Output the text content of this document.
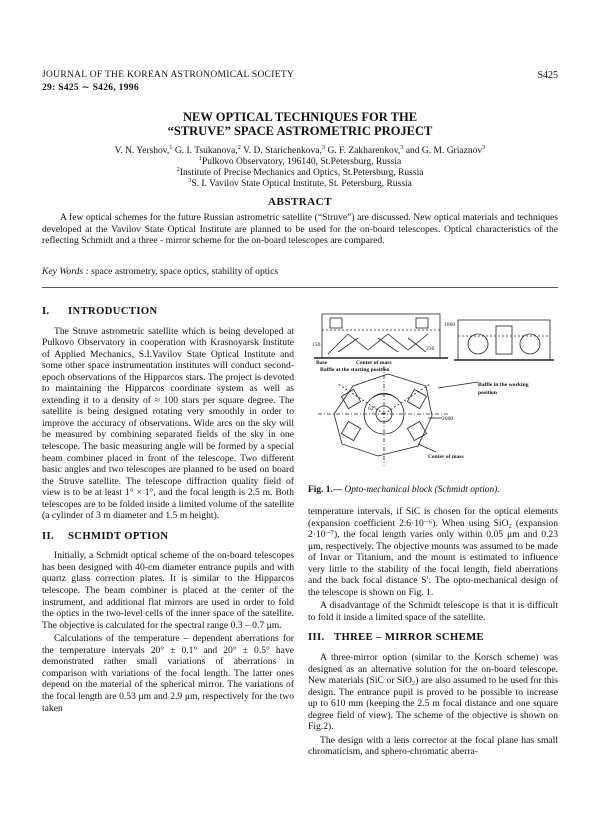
JOURNAL OF THE KOREAN ASTRONOMICAL SOCIETY
29: S425 ∼ S426, 1996
S425
NEW OPTICAL TECHNIQUES FOR THE
“STRUVE” SPACE ASTROMETRIC PROJECT
V. N. Yershov,$^1$ G. I. Tsukanova,$^2$ V. D. Starichenkova,$^3$ G. F. Zakharenkov,$^3$ and G. M. Griaznov$^3$
$^1$Pulkovo Observatory, 196140, St.Petersburg, Russia
$^2$Institute of Precise Mechanics and Optics, St.Petersburg, Russia
$^3$S. I. Vavilov State Optical Institute, St. Petersburg, Russia
ABSTRACT
A few optical schemes for the future Russian astrometric satellite (“Struve”) are discussed. New optical materials and techniques developed at the Vavilov State Optical Institute are planned to be used for the on-board telescopes. Optical characteristics of the reflecting Schmidt and a three - mirror scheme for the on-board telescopes are compared.
Key Words : space astrometry, space optics, stability of optics
I. INTRODUCTION

The Struve astrometric satellite which is being developed at Pulkovo Observatory in cooperation with Krasnoyarsk Institute of Applied Mechanics, S.I.Vavilov State Optical Institute and some other space instrumentation institutes will conduct second-epoch observations of the Hipparcos stars. The project is devoted to maintaining the Hipparcos coordinate system as well as extending it to a density of ≈ 100 stars per square degree. The satellite is being designed rotating very smoothly in order to improve the accuracy of observations. Wide arcs on the sky will be measured by combining separated fields of the sky in one telescope. The basic measuring angle will be formed by a special beam combiner placed in front of the telescope. Two different basic angles and two telescopes are planned to be used on board the Struve satellite. The telescope diffraction quality field of view is to be at least 1° × 1°, and the focal length is 2.5 m. Both telescopes are to be folded inside a limited volume of the satellite (a cylinder of 3 m diameter and 1.5 m height).

II. SCHMIDT OPTION

Initially, a Schmidt optical scheme of the on-board telescopes has been designed with 40-cm diameter entrance pupils and with quartz glass correction plates. It is similar to the Hipparcos telescope. The beam combiner is placed at the center of the instrument, and additional flat mirrors are used in order to fold the optics in the two-level cells of the inner space of the satellite. The objective is calculated for the spectral range 0.3 – 0.7 μm.

Calculations of the temperature – dependent aberrations for the temperature intervals 20° ± 0.1° and 20° ± 0.5° have demonstrated rather small variations of aberrations in comparison with variations of the focal length. The latter ones depend on the material of the spherical mirror. The variations of the focal length are 0.53 μm and 2.9 μm, respectively for the two taken

1060
150
230
Base	Center of mass
Baffle at the starting position
Baffle in the working
position
62°
2000
Center of mass
Fig. 1.— Opto-mechanical block (Schmidt option).

temperature intervals, if SiC is chosen for the optical elements (expansion coefficient 2.6·10⁻⁶). When using SiO₂ (expansion 2·10⁻⁷), the focal length varies only within 0.05 μm and 0.23 μm, respectively. The objective mounts was assumed to be made of Invar or Titanium, and the mount is estimated to influence very little to the stability of the focal length, field aberrations and the back focal distance S′. The opto-mechanical design of the telescope is shown on Fig. 1.

A disadvantage of the Schmidt telescope is that it is difficult to fold it inside a limited space of the satellite.

III. THREE – MIRROR SCHEME

A three-mirror option (similar to the Korsch scheme) was designed as an alternative solution for the on-board telescope. New materials (SiC or SiO₂) are also assumed to be used for this design. The entrance pupil is proved to be possible to increase up to 610 mm (keeping the 2.5 m focal distance and one square degree field of view). The scheme of the objective is shown on Fig.2).

The design with a lens corrector at the focal plane has small chromaticism, and sphero-chromatic aberra-
